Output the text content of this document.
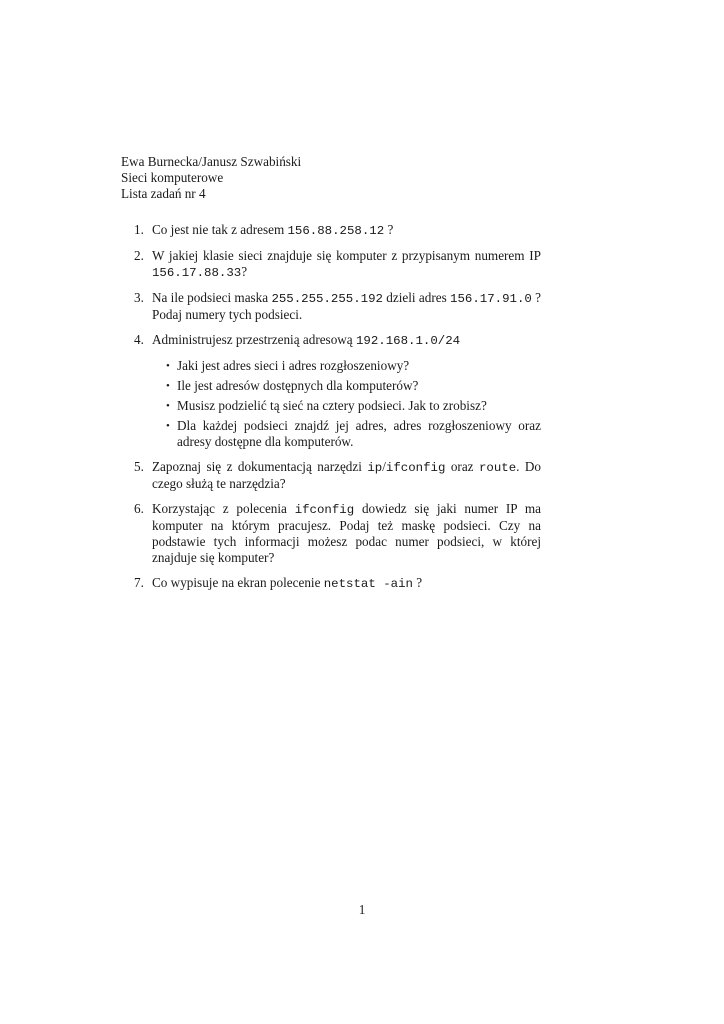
Ewa Burnecka/Janusz Szwabiński
Sieci komputerowe
Lista zadań nr 4
1. Co jest nie tak z adresem 156.88.258.12 ?
2. W jakiej klasie sieci znajduje się komputer z przypisanym numerem IP 156.17.88.33?
3. Na ile podsieci maska 255.255.255.192 dzieli adres 156.17.91.0 ? Podaj numery tych podsieci.
4. Administrujesz przestrzenią adresową 192.168.1.0/24
• Jaki jest adres sieci i adres rozgłoszeniowy?
• Ile jest adresów dostępnych dla komputerów?
• Musisz podzielić tą sieć na cztery podsieci. Jak to zrobisz?
• Dla każdej podsieci znajdź jej adres, adres rozgłoszeniowy oraz adresy dostępne dla komputerów.
5. Zapoznaj się z dokumentacją narzędzi ip/ifconfig oraz route. Do czego służą te narzędzia?
6. Korzystając z polecenia ifconfig dowiedz się jaki numer IP ma komputer na którym pracujesz. Podaj też maskę podsieci. Czy na podstawie tych informacji możesz podac numer podsieci, w której znajduje się komputer?
7. Co wypisuje na ekran polecenie netstat -ain ?
1
